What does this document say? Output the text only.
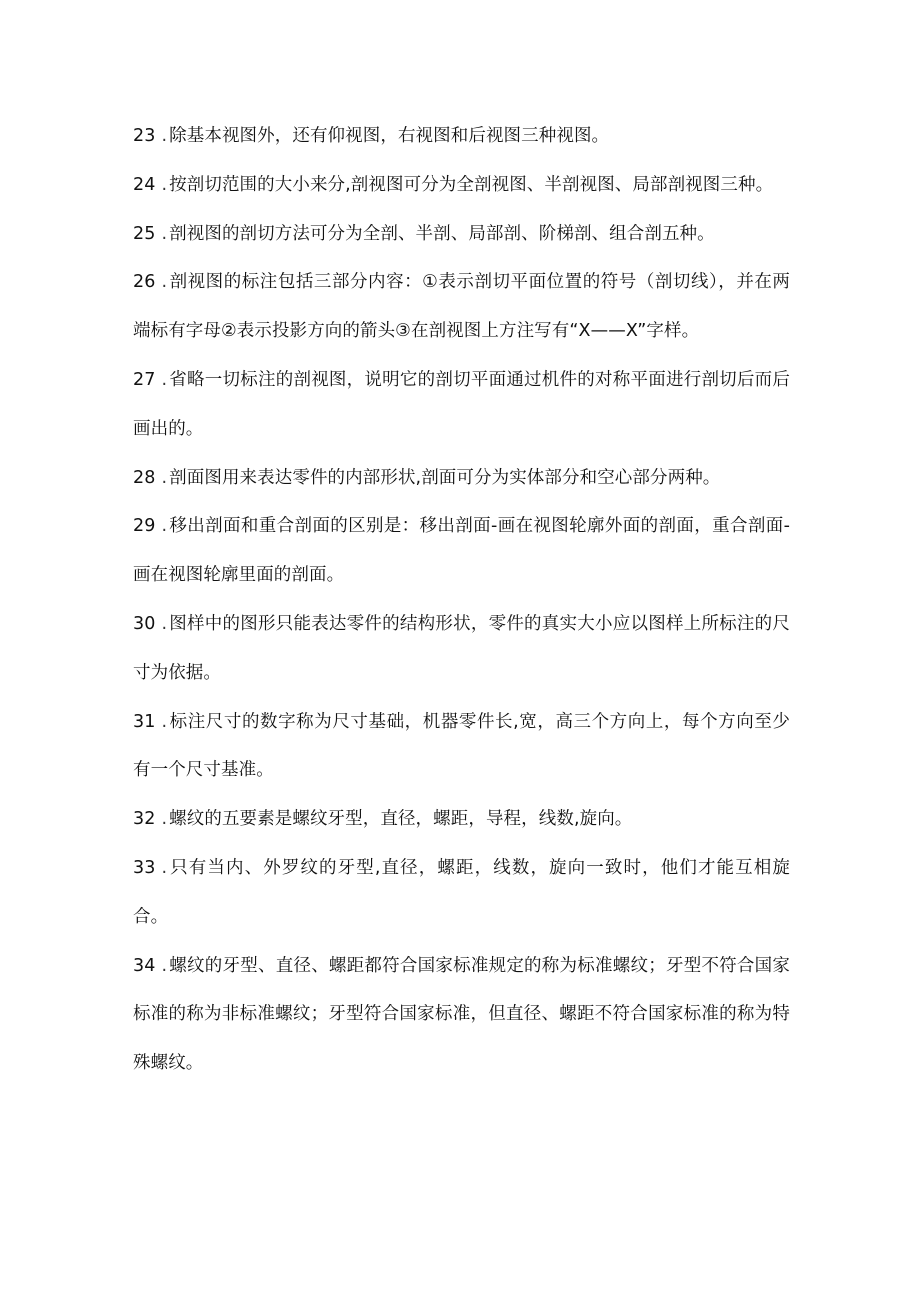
23 . 除基本视图外，还有仰视图，右视图和后视图三种视图。

24 . 按剖切范围的大小来分,剖视图可分为全剖视图、半剖视图、局部剖视图三种。

25 . 剖视图的剖切方法可分为全剖、半剖、局部剖、阶梯剖、组合剖五种。

26 . 剖视图的标注包括三部分内容：①表示剖切平面位置的符号（剖切线），并在两端标有字母②表示投影方向的箭头③在剖视图上方注写有“X——X”字样。

27 . 省略一切标注的剖视图，说明它的剖切平面通过机件的对称平面进行剖切后而后画出的。

28 . 剖面图用来表达零件的内部形状,剖面可分为实体部分和空心部分两种。

29 . 移出剖面和重合剖面的区别是：移出剖面-画在视图轮廓外面的剖面，重合剖面-画在视图轮廓里面的剖面。

30 . 图样中的图形只能表达零件的结构形状，零件的真实大小应以图样上所标注的尺寸为依据。

31 . 标注尺寸的数字称为尺寸基础，机器零件长,宽，高三个方向上，每个方向至少有一个尺寸基准。

32 . 螺纹的五要素是螺纹牙型，直径，螺距，导程，线数,旋向。

33 . 只有当内、外罗纹的牙型,直径，螺距，线数，旋向一致时，他们才能互相旋合。

34 . 螺纹的牙型、直径、螺距都符合国家标准规定的称为标准螺纹；牙型不符合国家标准的称为非标准螺纹；牙型符合国家标准，但直径、螺距不符合国家标准的称为特殊螺纹。
